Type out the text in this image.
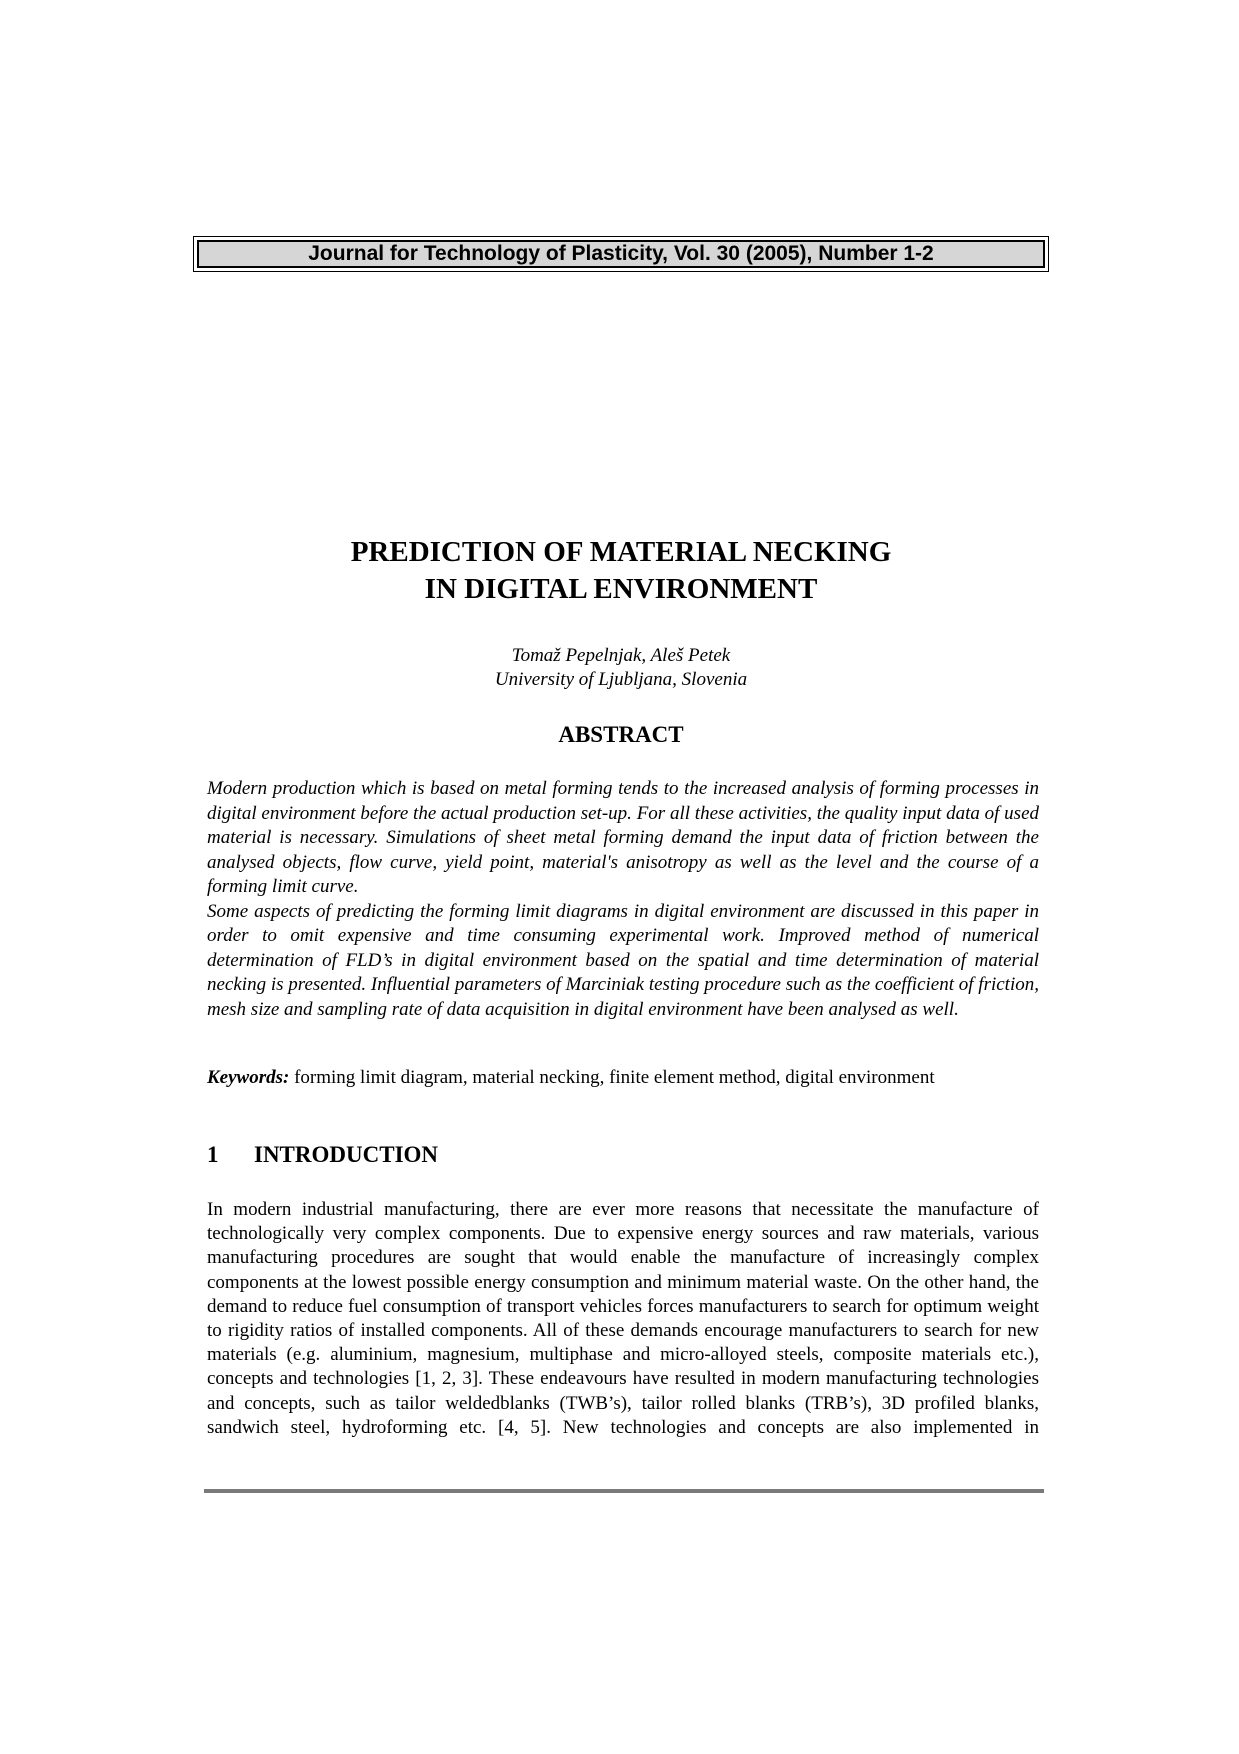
Journal for Technology of Plasticity, Vol. 30 (2005), Number 1-2
PREDICTION OF MATERIAL NECKING
IN DIGITAL ENVIRONMENT
Tomaž Pepelnjak, Aleš Petek
University of Ljubljana, Slovenia
ABSTRACT

Modern production which is based on metal forming tends to the increased analysis of forming processes in digital environment before the actual production set-up. For all these activities, the quality input data of used material is necessary. Simulations of sheet metal forming demand the input data of friction between the analysed objects, flow curve, yield point, material's anisotropy as well as the level and the course of a forming limit curve.

Some aspects of predicting the forming limit diagrams in digital environment are discussed in this paper in order to omit expensive and time consuming experimental work. Improved method of numerical determination of FLD’s in digital environment based on the spatial and time determination of material necking is presented. Influential parameters of Marciniak testing procedure such as the coefficient of friction, mesh size and sampling rate of data acquisition in digital environment have been analysed as well.

Keywords: forming limit diagram, material necking, finite element method, digital environment
1 INTRODUCTION

In modern industrial manufacturing, there are ever more reasons that necessitate the manufacture of technologically very complex components. Due to expensive energy sources and raw materials, various manufacturing procedures are sought that would enable the manufacture of increasingly complex components at the lowest possible energy consumption and minimum material waste. On the other hand, the demand to reduce fuel consumption of transport vehicles forces manufacturers to search for optimum weight to rigidity ratios of installed components. All of these demands encourage manufacturers to search for new materials (e.g. aluminium, magnesium, multiphase and micro-alloyed steels, composite materials etc.), concepts and technologies [1, 2, 3]. These endeavours have resulted in modern manufacturing technologies and concepts, such as tailor weldedblanks (TWB’s), tailor rolled blanks (TRB’s), 3D profiled blanks, sandwich steel, hydroforming etc. [4, 5]. New technologies and concepts are also implemented in
